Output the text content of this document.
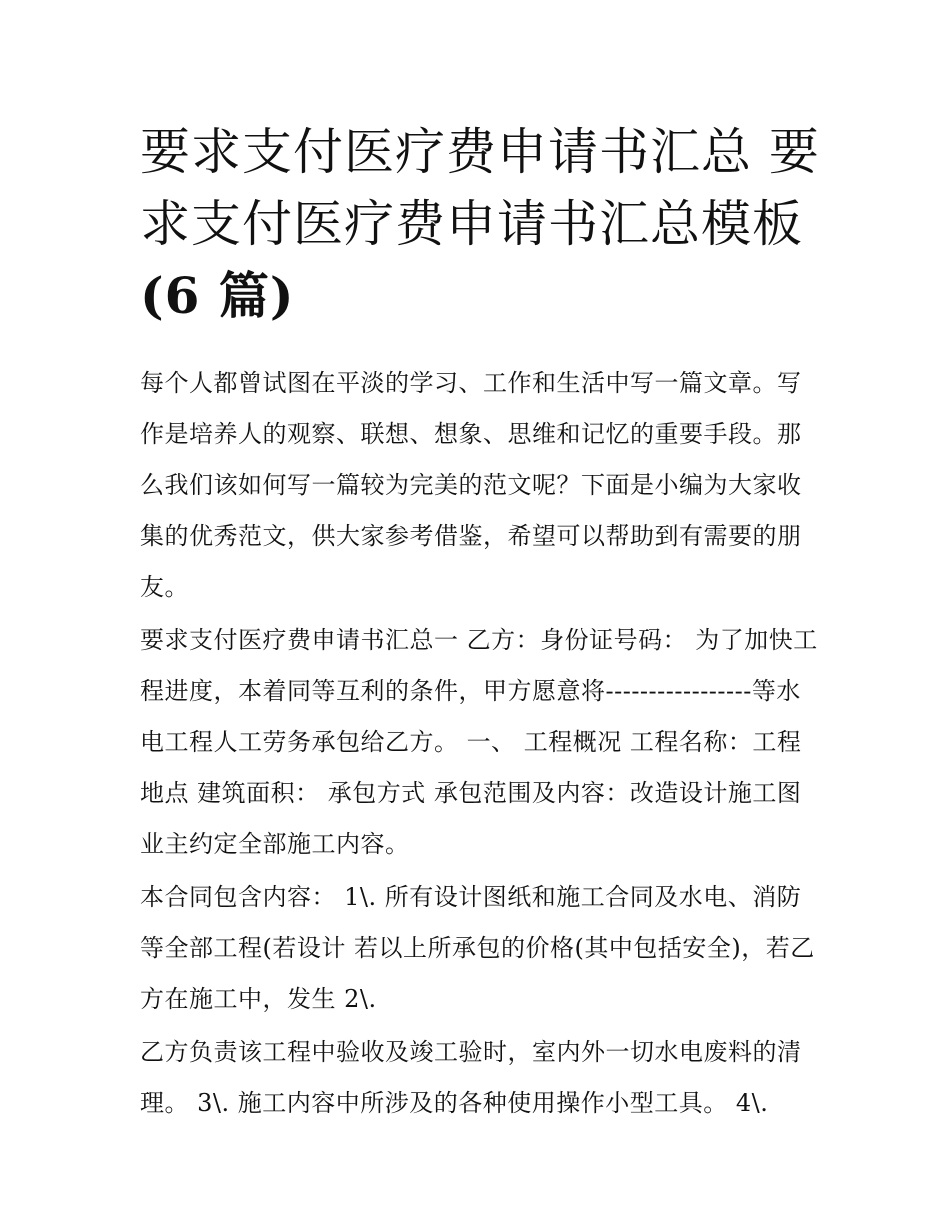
要求支付医疗费申请书汇总 要
求支付医疗费申请书汇总模板
(6 篇)

每个人都曾试图在平淡的学习、工作和生活中写一篇文章。写作是培养人的观察、联想、想象、思维和记忆的重要手段。那么我们该如何写一篇较为完美的范文呢？下面是小编为大家收集的优秀范文，供大家参考借鉴，希望可以帮助到有需要的朋友。

要求支付医疗费申请书汇总一 乙方：身份证号码： 为了加快工程进度，本着同等互利的条件，甲方愿意将-----------------等水电工程人工劳务承包给乙方。 一、 工程概况 工程名称：工程地点 建筑面积： 承包方式 承包范围及内容：改造设计施工图业主约定全部施工内容。

本合同包含内容： 1\. 所有设计图纸和施工合同及水电、消防等全部工程(若设计 若以上所承包的价格(其中包括安全)，若乙方在施工中，发生 2\.

乙方负责该工程中验收及竣工验时，室内外一切水电废料的清理。 3\. 施工内容中所涉及的各种使用操作小型工具。 4\.
